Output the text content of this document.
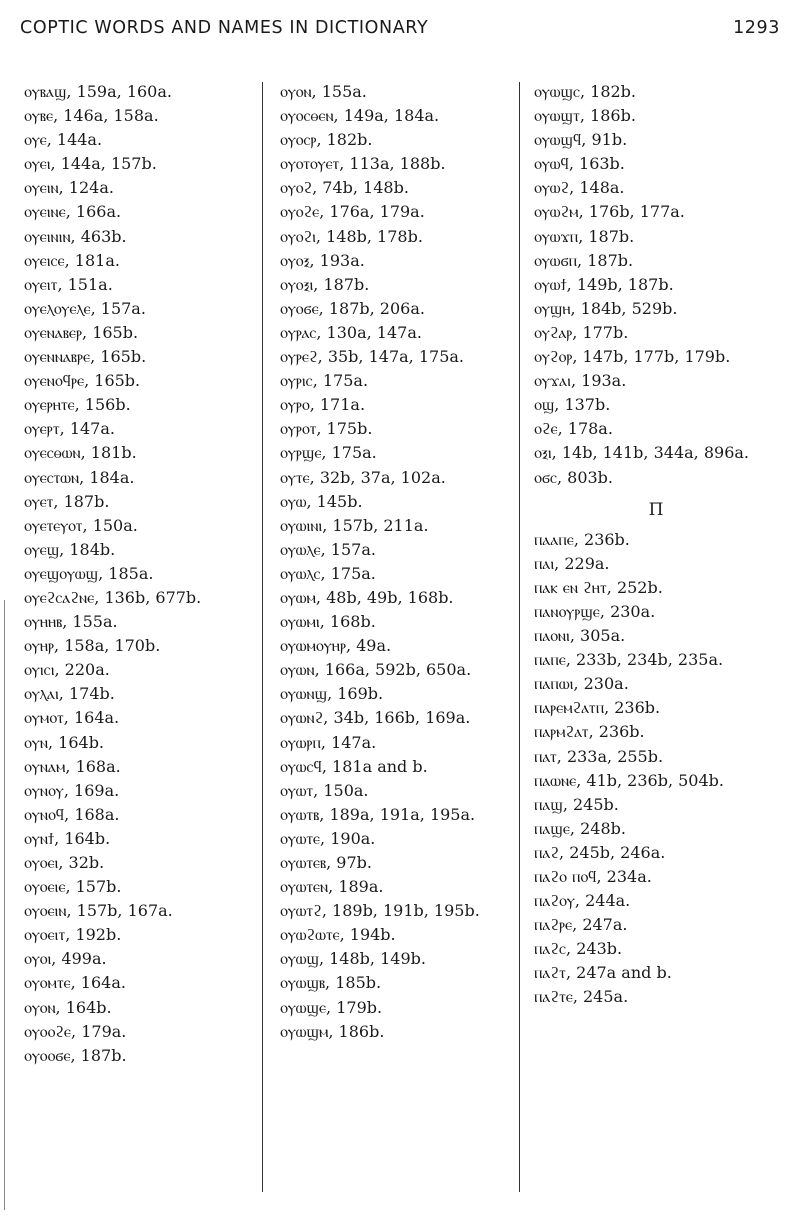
COPTIC WORDS AND NAMES IN DICTIONARY	1293
ⲟⲩⲃⲁϣ, 159a, 160a.
ⲟⲩⲃⲉ, 146a, 158a.
ⲟⲩⲉ, 144a.
ⲟⲩⲉⲓ, 144a, 157b.
ⲟⲩⲉⲓⲛ, 124a.
ⲟⲩⲉⲓⲛⲉ, 166a.
ⲟⲩⲉⲓⲛⲓⲛ, 463b.
ⲟⲩⲉⲓⲥⲉ, 181a.
ⲟⲩⲉⲓⲧ, 151a.
ⲟⲩⲉⲗⲟⲩⲉⲗⲉ, 157a.
ⲟⲩⲉⲛⲁⲃⲉⲣ, 165b.
ⲟⲩⲉⲛⲛⲁⲃⲣⲉ, 165b.
ⲟⲩⲉⲛⲟϥⲣⲉ, 165b.
ⲟⲩⲉⲣⲏⲧⲉ, 156b.
ⲟⲩⲉⲣⲧ, 147a.
ⲟⲩⲉⲥⲑⲱⲛ, 181b.
ⲟⲩⲉⲥⲧⲱⲛ, 184a.
ⲟⲩⲉⲧ, 187b.
ⲟⲩⲉⲧⲉⲩⲟⲧ, 150a.
ⲟⲩⲉϣ, 184b.
ⲟⲩⲉϣⲟⲩⲱϣ, 185a.
ⲟⲩⲉϩⲥⲁϩⲛⲉ, 136b, 677b.
ⲟⲩⲏⲏⲃ, 155a.
ⲟⲩⲏⲣ, 158a, 170b.
ⲟⲩⲓⲥⲓ, 220a.
ⲟⲩⲗⲁⲓ, 174b.
ⲟⲩⲙⲟⲧ, 164a.
ⲟⲩⲛ, 164b.
ⲟⲩⲛⲁⲙ, 168a.
ⲟⲩⲛⲟⲩ, 169a.
ⲟⲩⲛⲟϥ, 168a.
ⲟⲩⲛϯ, 164b.
ⲟⲩⲟⲉⲓ, 32b.
ⲟⲩⲟⲉⲓⲉ, 157b.
ⲟⲩⲟⲉⲓⲛ, 157b, 167a.
ⲟⲩⲟⲉⲓⲧ, 192b.
ⲟⲩⲟⲓ, 499a.
ⲟⲩⲟⲙⲧⲉ, 164a.
ⲟⲩⲟⲛ, 164b.
ⲟⲩⲟⲟϩⲉ, 179a.
ⲟⲩⲟⲟϭⲉ, 187b.
ⲟⲩⲟⲛ, 155a.
ⲟⲩⲟⲥⲑⲉⲛ, 149a, 184a.
ⲟⲩⲟⲥⲣ, 182b.
ⲟⲩⲟⲧⲟⲩⲉⲧ, 113a, 188b.
ⲟⲩⲟϩ, 74b, 148b.
ⲟⲩⲟϩⲉ, 176a, 179a.
ⲟⲩⲟϩⲓ, 148b, 178b.
ⲟⲩⲟⲝ, 193a.
ⲟⲩⲟⲝⲓ, 187b.
ⲟⲩⲟϭⲉ, 187b, 206a.
ⲟⲩⲣⲁⲥ, 130a, 147a.
ⲟⲩⲣⲉϩ, 35b, 147a, 175a.
ⲟⲩⲣⲓⲥ, 175a.
ⲟⲩⲣⲟ, 171a.
ⲟⲩⲣⲟⲧ, 175b.
ⲟⲩⲣϣⲉ, 175a.
ⲟⲩⲧⲉ, 32b, 37a, 102a.
ⲟⲩⲱ, 145b.
ⲟⲩⲱⲓⲛⲓ, 157b, 211a.
ⲟⲩⲱⲗⲉ, 157a.
ⲟⲩⲱⲗⲥ, 175a.
ⲟⲩⲱⲙ, 48b, 49b, 168b.
ⲟⲩⲱⲙⲓ, 168b.
ⲟⲩⲱⲙⲟⲩⲏⲣ, 49a.
ⲟⲩⲱⲛ, 166a, 592b, 650a.
ⲟⲩⲱⲛϣ, 169b.
ⲟⲩⲱⲛϩ, 34b, 166b, 169a.
ⲟⲩⲱⲣⲡ, 147a.
ⲟⲩⲱⲥϥ, 181a and b.
ⲟⲩⲱⲧ, 150a.
ⲟⲩⲱⲧⲃ, 189a, 191a, 195a.
ⲟⲩⲱⲧⲉ, 190a.
ⲟⲩⲱⲧⲉⲃ, 97b.
ⲟⲩⲱⲧⲉⲛ, 189a.
ⲟⲩⲱⲧϩ, 189b, 191b, 195b.
ⲟⲩⲱϩⲱⲧⲉ, 194b.
ⲟⲩⲱϣ, 148b, 149b.
ⲟⲩⲱϣⲃ, 185b.
ⲟⲩⲱϣⲉ, 179b.
ⲟⲩⲱϣⲙ, 186b.
ⲟⲩⲱϣⲥ, 182b.
ⲟⲩⲱϣⲧ, 186b.
ⲟⲩⲱϣϥ, 91b.
ⲟⲩⲱϥ, 163b.
ⲟⲩⲱϩ, 148a.
ⲟⲩⲱϩⲙ, 176b, 177a.
ⲟⲩⲱϫⲡ, 187b.
ⲟⲩⲱϭⲡ, 187b.
ⲟⲩⲱϯ, 149b, 187b.
ⲟⲩϣⲏ, 184b, 529b.
ⲟⲩϩⲁⲣ, 177b.
ⲟⲩϩⲟⲣ, 147b, 177b, 179b.
ⲟⲩϫⲁⲓ, 193a.
ⲟϣ, 137b.
ⲟϩⲉ, 178a.
ⲟⲝⲓ, 14b, 141b, 344a, 896a.
ⲟϭⲥ, 803b.
Π
ⲡⲁⲁⲡⲉ, 236b.
ⲡⲁⲓ, 229a.
ⲡⲁⲕ ⲉⲛ ϩⲏⲧ, 252b.
ⲡⲁⲛⲟⲩⲣϣⲉ, 230a.
ⲡⲁⲟⲛⲓ, 305a.
ⲡⲁⲡⲉ, 233b, 234b, 235a.
ⲡⲁⲡⲱⲓ, 230a.
ⲡⲁⲣⲉⲙϩⲁⲧⲡ, 236b.
ⲡⲁⲣⲙϩⲁⲧ, 236b.
ⲡⲁⲧ, 233a, 255b.
ⲡⲁⲱⲛⲉ, 41b, 236b, 504b.
ⲡⲁϣ, 245b.
ⲡⲁϣⲉ, 248b.
ⲡⲁϩ, 245b, 246a.
ⲡⲁϩⲟ ⲡⲟϥ, 234a.
ⲡⲁϩⲟⲩ, 244a.
ⲡⲁϩⲣⲉ, 247a.
ⲡⲁϩⲥ, 243b.
ⲡⲁϩⲧ, 247a and b.
ⲡⲁϩⲧⲉ, 245a.
